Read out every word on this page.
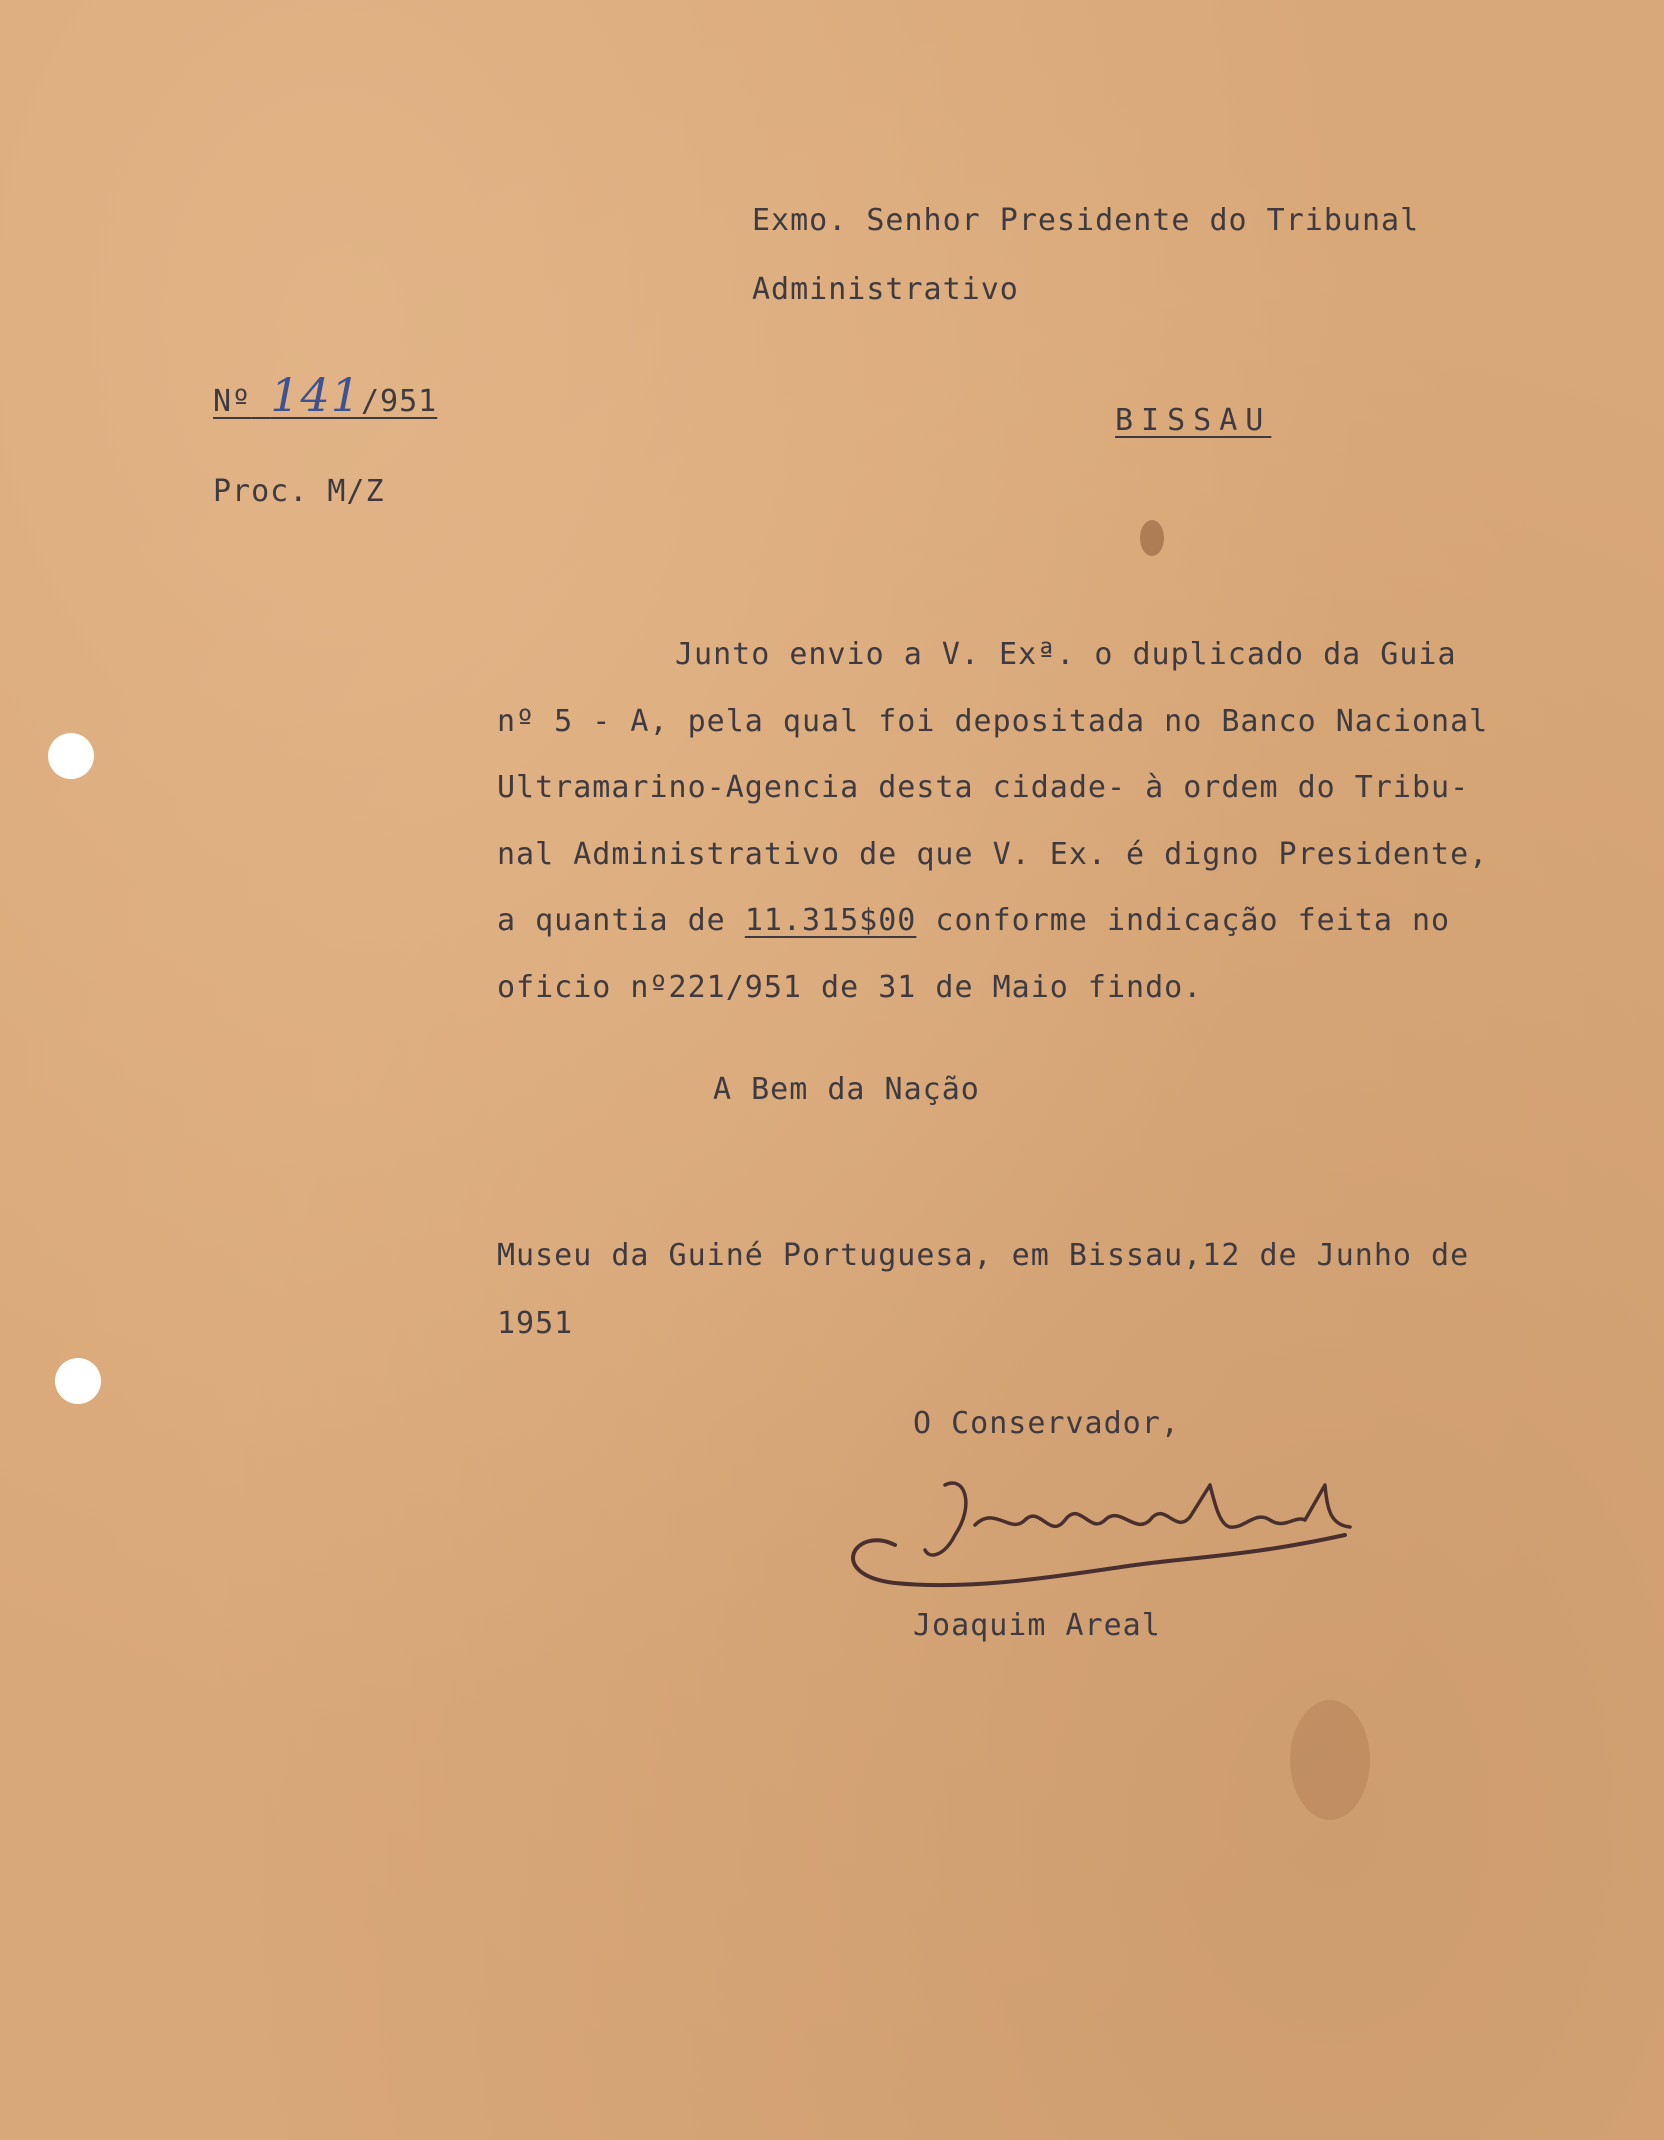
Exmo. Senhor Presidente do Tribunal
Administrativo
Nº 141/951
Proc. M/Z
BISSAU
Junto envio a V. Exª. o duplicado da Guia
nº 5 - A, pela qual foi depositada no Banco Nacional
Ultramarino-Agencia desta cidade- à ordem do Tribu-
nal Administrativo de que V. Ex. é digno Presidente,
a quantia de 11.315$00 conforme indicação feita no
oficio nº221/951 de 31 de Maio findo.
A Bem da Nação
Museu da Guiné Portuguesa, em Bissau,12 de Junho de
1951
O Conservador,
Joaquim Areal
